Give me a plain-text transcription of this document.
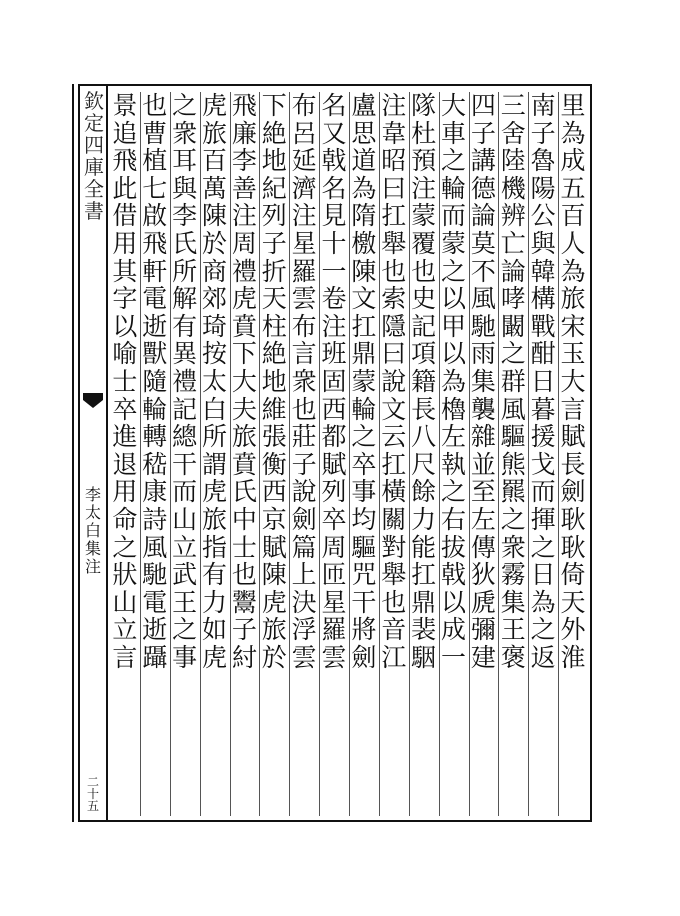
欽
定
四
庫
全
書
李
太
白
集
注
二十五
里
為
成
五
百
人
為
旅
宋
玉
大
言
賦
長
劍
耿
耿
倚
天
外
淮
南
子
魯
陽
公
與
韓
構
戰
酣
日
暮
援
戈
而
揮
之
日
為
之
返
三
舍
陸
機
辨
亡
論
哮
闞
之
群
風
驅
熊
羆
之
衆
霧
集
王
褒
四
子
講
德
論
莫
不
風
馳
雨
集
襲
雜
並
至
左
傳
狄
虒
彌
建
大
車
之
輪
而
蒙
之
以
甲
以
為
櫓
左
執
之
右
拔
戟
以
成
一
隊
杜
預
注
蒙
覆
也
史
記
項
籍
長
八
尺
餘
力
能
扛
鼎
裴
駰
注
韋
昭
曰
扛
舉
也
索
隱
曰
說
文
云
扛
橫
關
對
舉
也
音
江
盧
思
道
為
隋
檄
陳
文
扛
鼎
蒙
輪
之
卒
事
均
驅
咒
干
將
劍
名
又
戟
名
見
十
一
卷
注
班
固
西
都
賦
列
卒
周
匝
星
羅
雲
布
呂
延
濟
注
星
羅
雲
布
言
衆
也
莊
子
說
劍
篇
上
決
浮
雲
下
絶
地
紀
列
子
折
天
柱
絶
地
維
張
衡
西
京
賦
陳
虎
旅
於
飛
廉
李
善
注
周
禮
虎
賁
下
大
夫
旅
賁
氏
中
士
也
鬻
子
紂
虎
旅
百
萬
陳
於
商
郊
琦
按
太
白
所
謂
虎
旅
指
有
力
如
虎
之
衆
耳
與
李
氏
所
解
有
異
禮
記
總
干
而
山
立
武
王
之
事
也
曹
植
七
啟
飛
軒
電
逝
獸
隨
輪
轉
嵇
康
詩
風
馳
電
逝
躡
景
追
飛
此
借
用
其
字
以
喻
士
卒
進
退
用
命
之
狀
山
立
言
